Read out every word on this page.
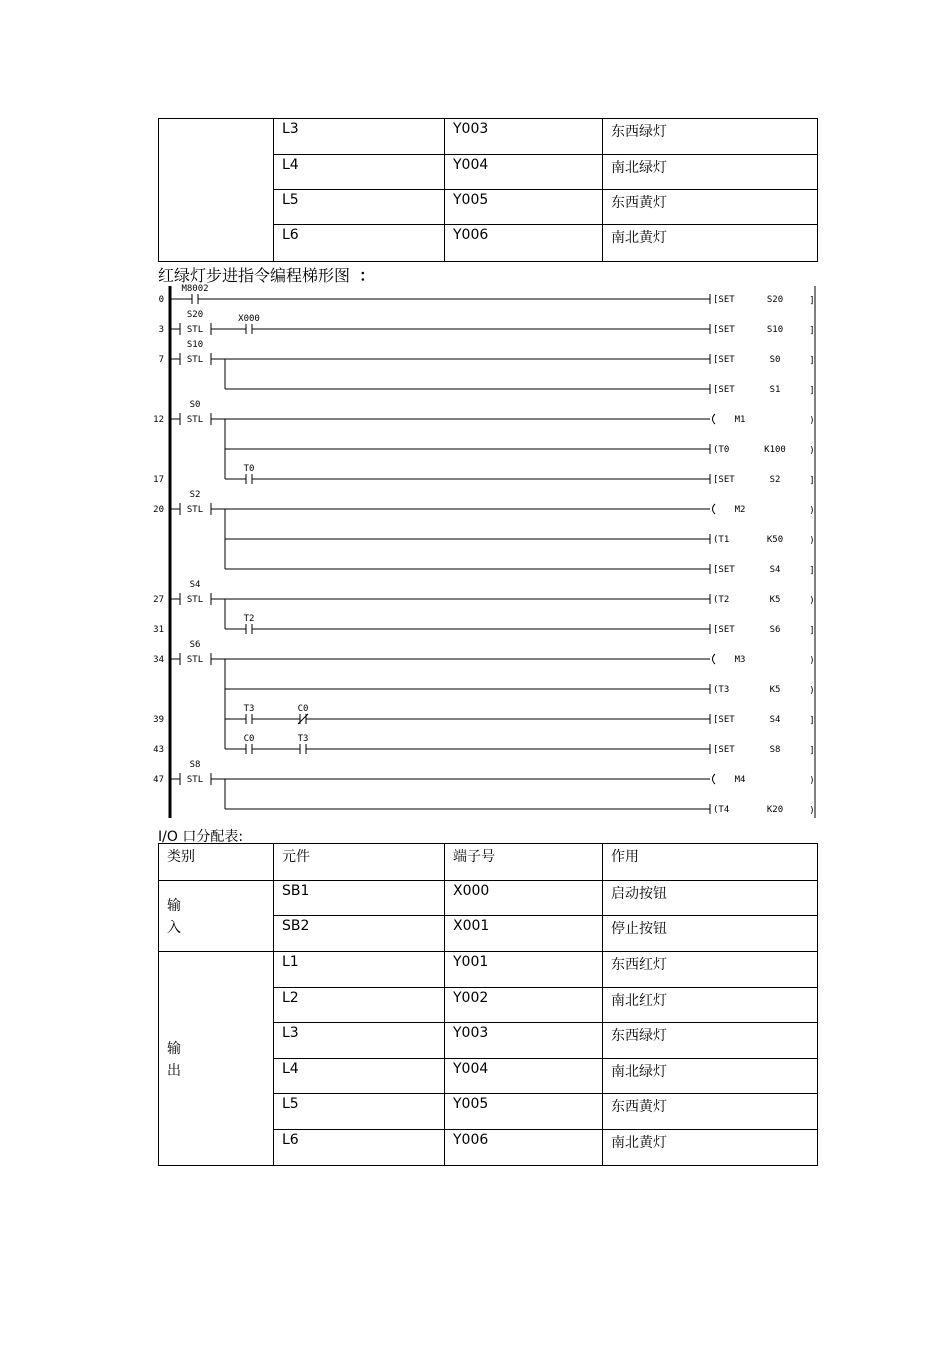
	L3	Y003	东西绿灯
	L4	Y004	南北绿灯
	L5	Y005	东西黄灯
	L6	Y006	南北黄灯
红绿灯步进指令编程梯形图 ：
0
3
7
12
17
20
27
31
34
39
43
47
M8002
[SET	S20	]
S20
STL
X000
[SET	S10	]
S10
STL	[SET	S0	]
[SET	S1	]
S0
STL
T0
M1	)
(T0	K100	)
[SET	S2	]
S2
STL	M2	)
(T1	K50	)
[SET	S4	]
S4
STL
T2
(T2	K5	)
[SET	S6	]
S6
STL
T3	C0
C0	T3
M3	)
(T3	K5	)
[SET	S4	]
[SET	S8	]
S8
STL	M4	)
(T4	K20	)
I/O 口分配表:
类别	元件	端子号	作用

输
入	SB1	X000	启动按钮
	SB2	X001	停止按钮

输
出	L1	Y001	东西红灯
	L2	Y002	南北红灯
	L3	Y003	东西绿灯
	L4	Y004	南北绿灯
	L5	Y005	东西黄灯
	L6	Y006	南北黄灯
